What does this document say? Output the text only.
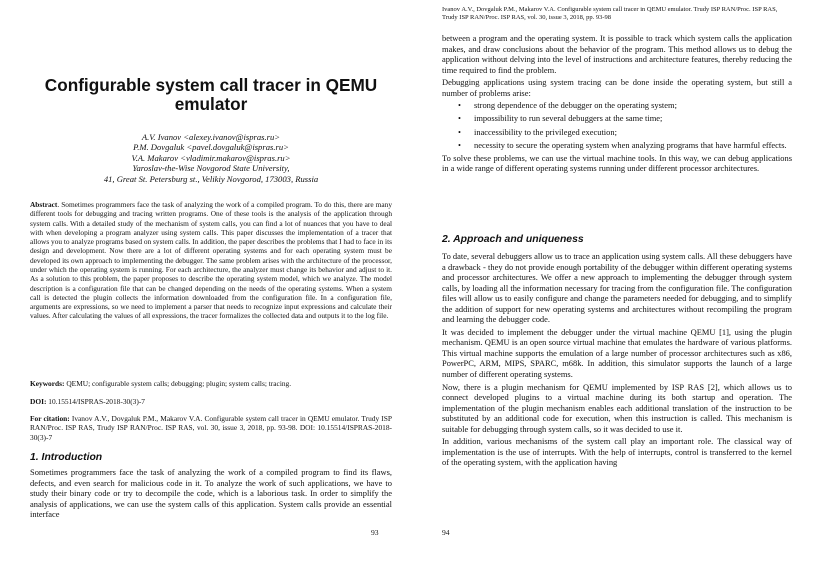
Configurable system call tracer in QEMU emulator
A.V. Ivanov <alexey.ivanov@ispras.ru>
P.M. Dovgaluk <pavel.dovgaluk@ispras.ru>
V.A. Makarov <vladimir.makarov@ispras.ru>
Yaroslav-the-Wise Novgorod State University,
41, Great St. Petersburg st., Velikiy Novgorod, 173003, Russia
Abstract. Sometimes programmers face the task of analyzing the work of a compiled program. To do this, there are many different tools for debugging and tracing written programs. One of these tools is the analysis of the application through system calls. With a detailed study of the mechanism of system calls, you can find a lot of nuances that you have to deal with when developing a program analyzer using system calls. This paper discusses the implementation of a tracer that allows you to analyze programs based on system calls. In addition, the paper describes the problems that I had to face in its design and development. Now there are a lot of different operating systems and for each operating system must be developed its own approach to implementing the debugger. The same problem arises with the architecture of the processor, under which the operating system is running. For each architecture, the analyzer must change its behavior and adjust to it. As a solution to this problem, the paper proposes to describe the operating system model, which we analyze. The model description is a configuration file that can be changed depending on the needs of the operating systems. When a system call is detected the plugin collects the information downloaded from the configuration file. In a configuration file, arguments are expressions, so we need to implement a parser that needs to recognize input expressions and calculate their values. After calculating the values of all expressions, the tracer formalizes the collected data and outputs it to the log file.
Keywords: QEMU; configurable system calls; debugging; plugin; system calls; tracing.
DOI: 10.15514/ISPRAS-2018-30(3)-7
For citation: Ivanov A.V., Dovgaluk P.M., Makarov V.A. Configurable system call tracer in QEMU emulator. Trudy ISP RAN/Proc. ISP RAS, Trudy ISP RAN/Proc. ISP RAS, vol. 30, issue 3, 2018, pp. 93-98. DOI: 10.15514/ISPRAS-2018-30(3)-7
1. Introduction
Sometimes programmers face the task of analyzing the work of a compiled program to find its flaws, defects, and even search for malicious code in it. To analyze the work of such applications, we have to study their binary code or try to decompile the code, which is a laborious task. In order to simplify the analysis of applications, we can use the system calls of this application. System calls provide an essential interface
93
Ivanov A.V., Dovgaluk P.M., Makarov V.A. Configurable system call tracer in QEMU emulator. Trudy ISP RAN/Proc. ISP RAS, Trudy ISP RAN/Proc. ISP RAS, vol. 30, issue 3, 2018, pp. 93-98

between a program and the operating system. It is possible to track which system calls the application makes, and draw conclusions about the behavior of the program. This method allows us to debug the application without delving into the level of instructions and architecture features, thereby reducing the time required to find the problem.

Debugging applications using system tracing can be done inside the operating system, but still a number of problems arise:

• strong dependence of the debugger on the operating system;
• impossibility to run several debuggers at the same time;
• inaccessibility to the privileged execution;
• necessity to secure the operating system when analyzing programs that have harmful effects.

To solve these problems, we can use the virtual machine tools. In this way, we can debug applications in a wide range of different operating systems running under different processor architectures.

2. Approach and uniqueness

To date, several debuggers allow us to trace an application using system calls. All these debuggers have a drawback - they do not provide enough portability of the debugger within different operating systems and processor architectures. We offer a new approach to implementing the debugger through system calls, by loading all the information necessary for tracing from the configuration file. The configuration files will allow us to easily configure and change the parameters needed for debugging, and to simplify the addition of support for new operating systems and architectures without recompiling the program and learning the debugger code.

It was decided to implement the debugger under the virtual machine QEMU [1], using the plugin mechanism. QEMU is an open source virtual machine that emulates the hardware of various platforms. This virtual machine supports the emulation of a large number of processor architectures such as x86, PowerPC, ARM, MIPS, SPARC, m68k. In addition, this simulator supports the launch of a large number of different operating systems.

Now, there is a plugin mechanism for QEMU implemented by ISP RAS [2], which allows us to connect developed plugins to a virtual machine during its both startup and operation. The implementation of the plugin mechanism enables each additional translation of the instruction to be substituted by an additional code for execution, when this instruction is called. This mechanism is suitable for debugging through system calls, so it was decided to use it.

In addition, various mechanisms of the system call play an important role. The classical way of implementation is the use of interrupts. With the help of interrupts, control is transferred to the kernel of the operating system, with the application having

94
